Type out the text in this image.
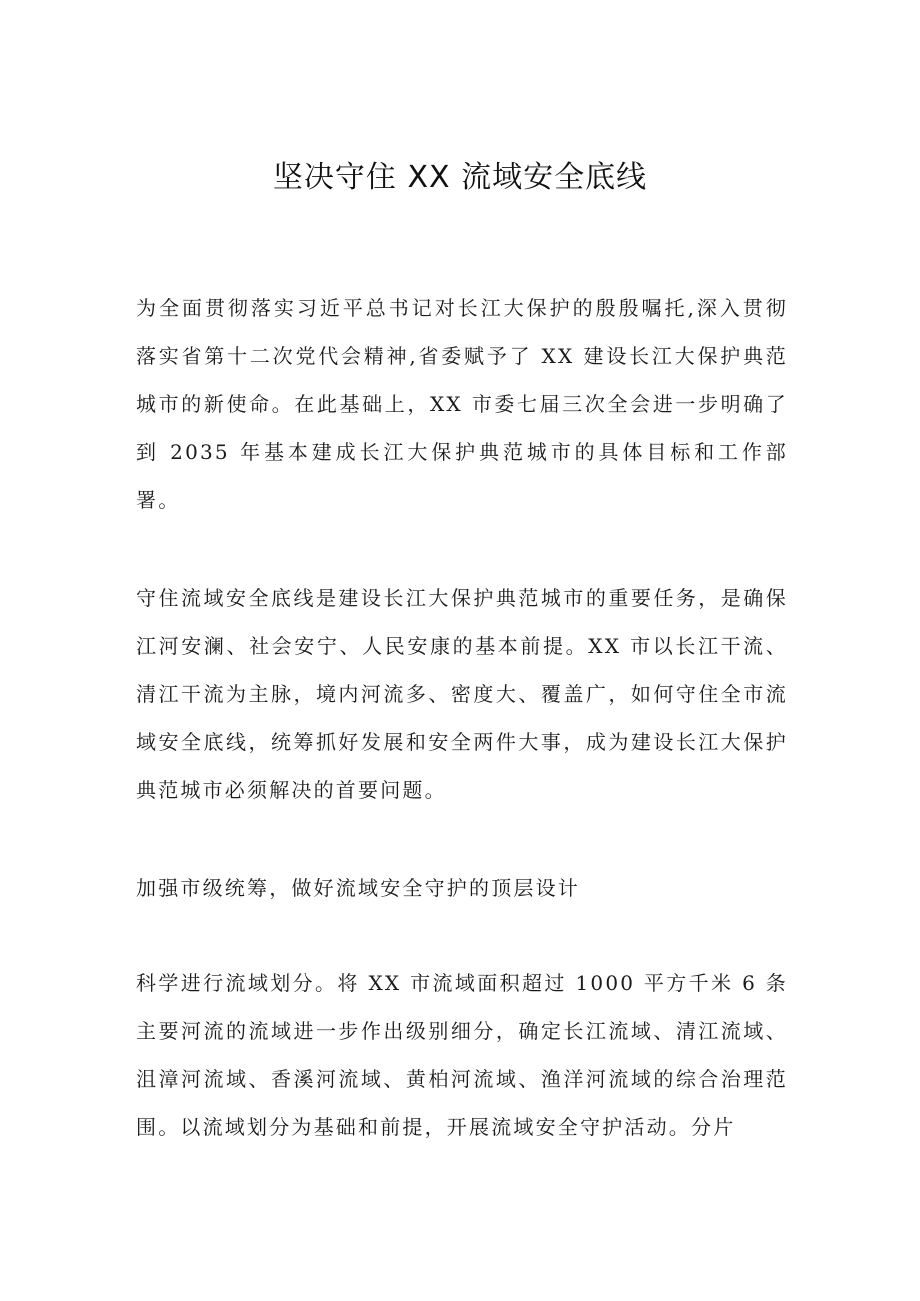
坚决守住 XX 流域安全底线

为全面贯彻落实习近平总书记对长江大保护的殷殷嘱托,深入贯彻落实省第十二次党代会精神,省委赋予了 XX 建设长江大保护典范城市的新使命。在此基础上，XX 市委七届三次全会进一步明确了到 2035 年基本建成长江大保护典范城市的具体目标和工作部署。

守住流域安全底线是建设长江大保护典范城市的重要任务，是确保江河安澜、社会安宁、人民安康的基本前提。XX 市以长江干流、清江干流为主脉，境内河流多、密度大、覆盖广，如何守住全市流域安全底线，统筹抓好发展和安全两件大事，成为建设长江大保护典范城市必须解决的首要问题。

加强市级统筹，做好流域安全守护的顶层设计

科学进行流域划分。将 XX 市流域面积超过 1000 平方千米 6 条主要河流的流域进一步作出级别细分，确定长江流域、清江流域、沮漳河流域、香溪河流域、黄柏河流域、渔洋河流域的综合治理范围。以流域划分为基础和前提，开展流域安全守护活动。分片
